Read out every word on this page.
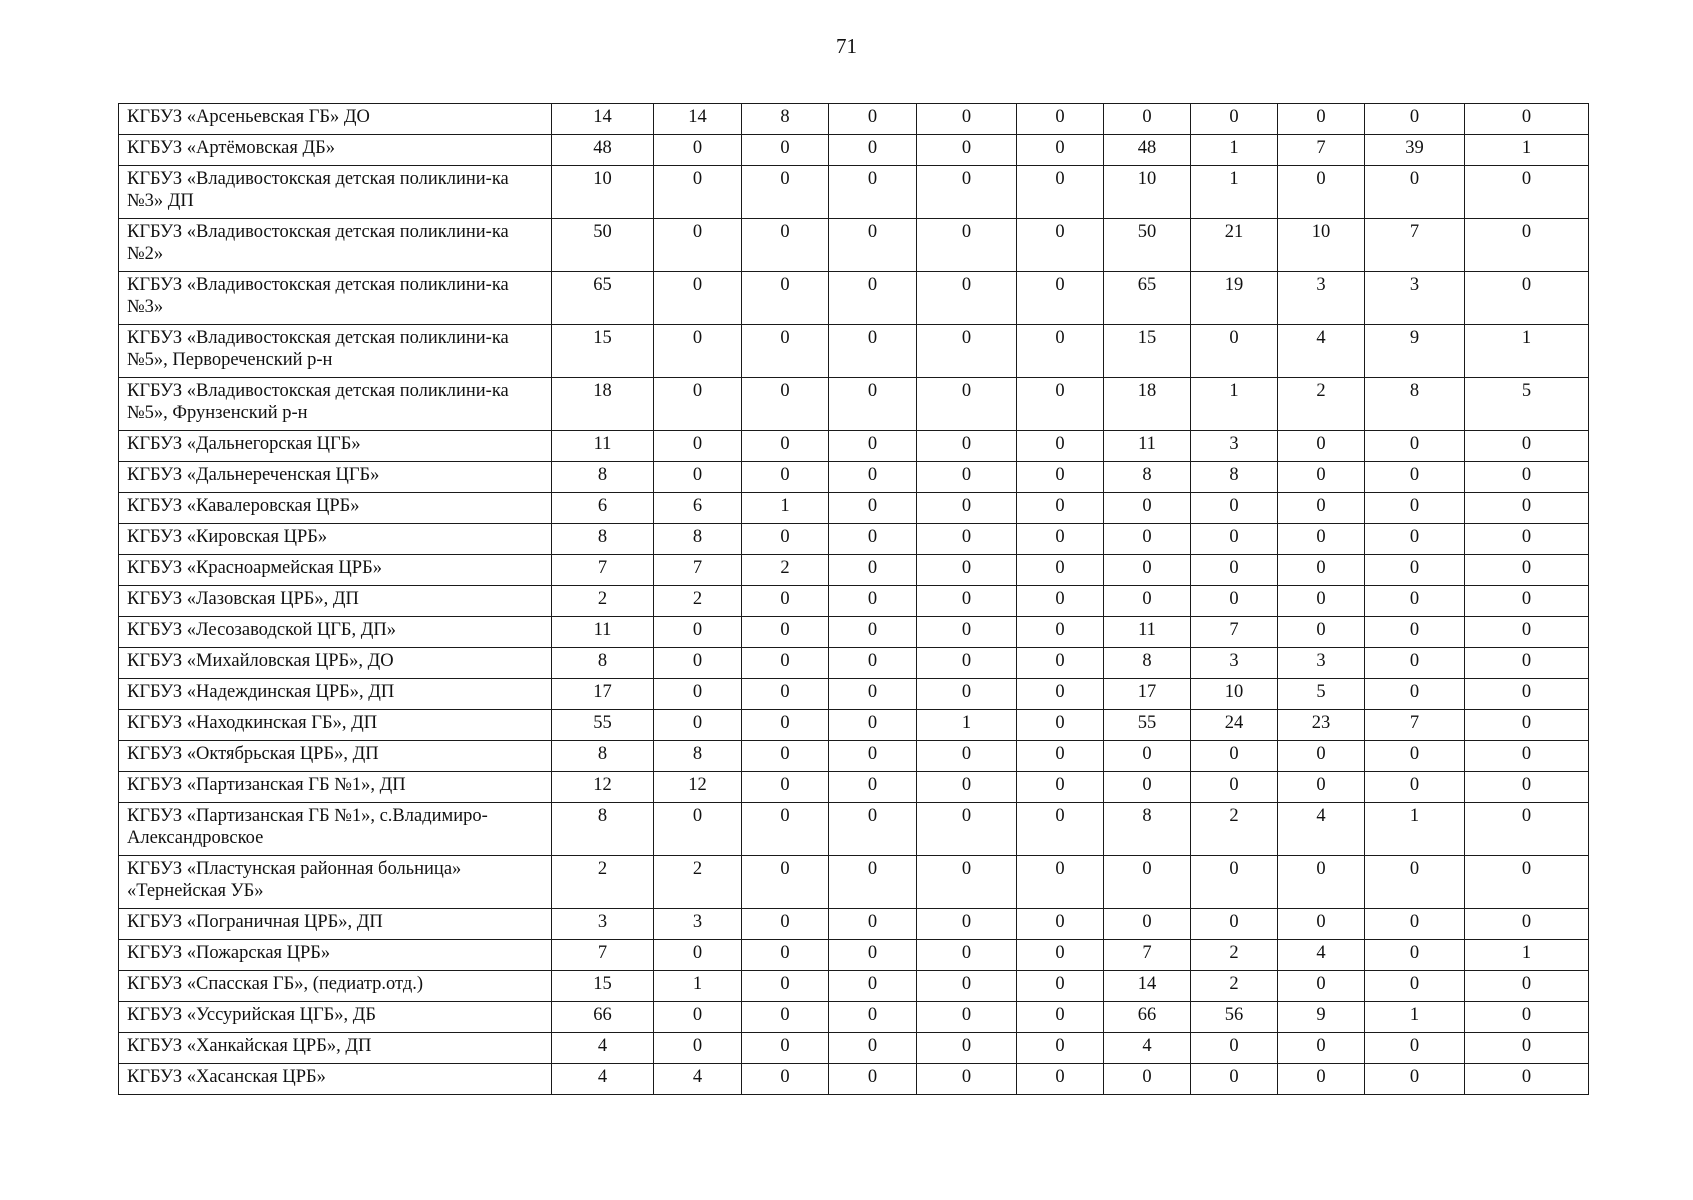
71
КГБУЗ «Арсеньевская ГБ» ДО	14	14	8	0	0	0	0	0	0	0	0
КГБУЗ «Артёмовская ДБ»	48	0	0	0	0	0	48	1	7	39	1
КГБУЗ «Владивостокская детская поликлини-ка №3» ДП	10	0	0	0	0	0	10	1	0	0	0
КГБУЗ «Владивостокская детская поликлини-ка №2»	50	0	0	0	0	0	50	21	10	7	0
КГБУЗ «Владивостокская детская поликлини-ка №3»	65	0	0	0	0	0	65	19	3	3	0
КГБУЗ «Владивостокская детская поликлини-ка №5», Первореченский р-н	15	0	0	0	0	0	15	0	4	9	1
КГБУЗ «Владивостокская детская поликлини-ка №5», Фрунзенский р-н	18	0	0	0	0	0	18	1	2	8	5
КГБУЗ «Дальнегорская ЦГБ»	11	0	0	0	0	0	11	3	0	0	0
КГБУЗ «Дальнереченская ЦГБ»	8	0	0	0	0	0	8	8	0	0	0
КГБУЗ «Кавалеровская ЦРБ»	6	6	1	0	0	0	0	0	0	0	0
КГБУЗ «Кировская ЦРБ»	8	8	0	0	0	0	0	0	0	0	0
КГБУЗ «Красноармейская ЦРБ»	7	7	2	0	0	0	0	0	0	0	0
КГБУЗ «Лазовская ЦРБ», ДП	2	2	0	0	0	0	0	0	0	0	0
КГБУЗ «Лесозаводской ЦГБ, ДП»	11	0	0	0	0	0	11	7	0	0	0
КГБУЗ «Михайловская ЦРБ», ДО	8	0	0	0	0	0	8	3	3	0	0
КГБУЗ «Надеждинская ЦРБ», ДП	17	0	0	0	0	0	17	10	5	0	0
КГБУЗ «Находкинская ГБ», ДП	55	0	0	0	1	0	55	24	23	7	0
КГБУЗ «Октябрьская ЦРБ», ДП	8	8	0	0	0	0	0	0	0	0	0
КГБУЗ «Партизанская ГБ №1», ДП	12	12	0	0	0	0	0	0	0	0	0
КГБУЗ «Партизанская ГБ №1», с.Владимиро-Александровское	8	0	0	0	0	0	8	2	4	1	0
КГБУЗ «Пластунская районная больница» «Тернейская УБ»	2	2	0	0	0	0	0	0	0	0	0
КГБУЗ «Пограничная ЦРБ», ДП	3	3	0	0	0	0	0	0	0	0	0
КГБУЗ «Пожарская ЦРБ»	7	0	0	0	0	0	7	2	4	0	1
КГБУЗ «Спасская ГБ», (педиатр.отд.)	15	1	0	0	0	0	14	2	0	0	0
КГБУЗ «Уссурийская ЦГБ», ДБ	66	0	0	0	0	0	66	56	9	1	0
КГБУЗ «Ханкайская ЦРБ», ДП	4	0	0	0	0	0	4	0	0	0	0
КГБУЗ «Хасанская ЦРБ»	4	4	0	0	0	0	0	0	0	0	0
